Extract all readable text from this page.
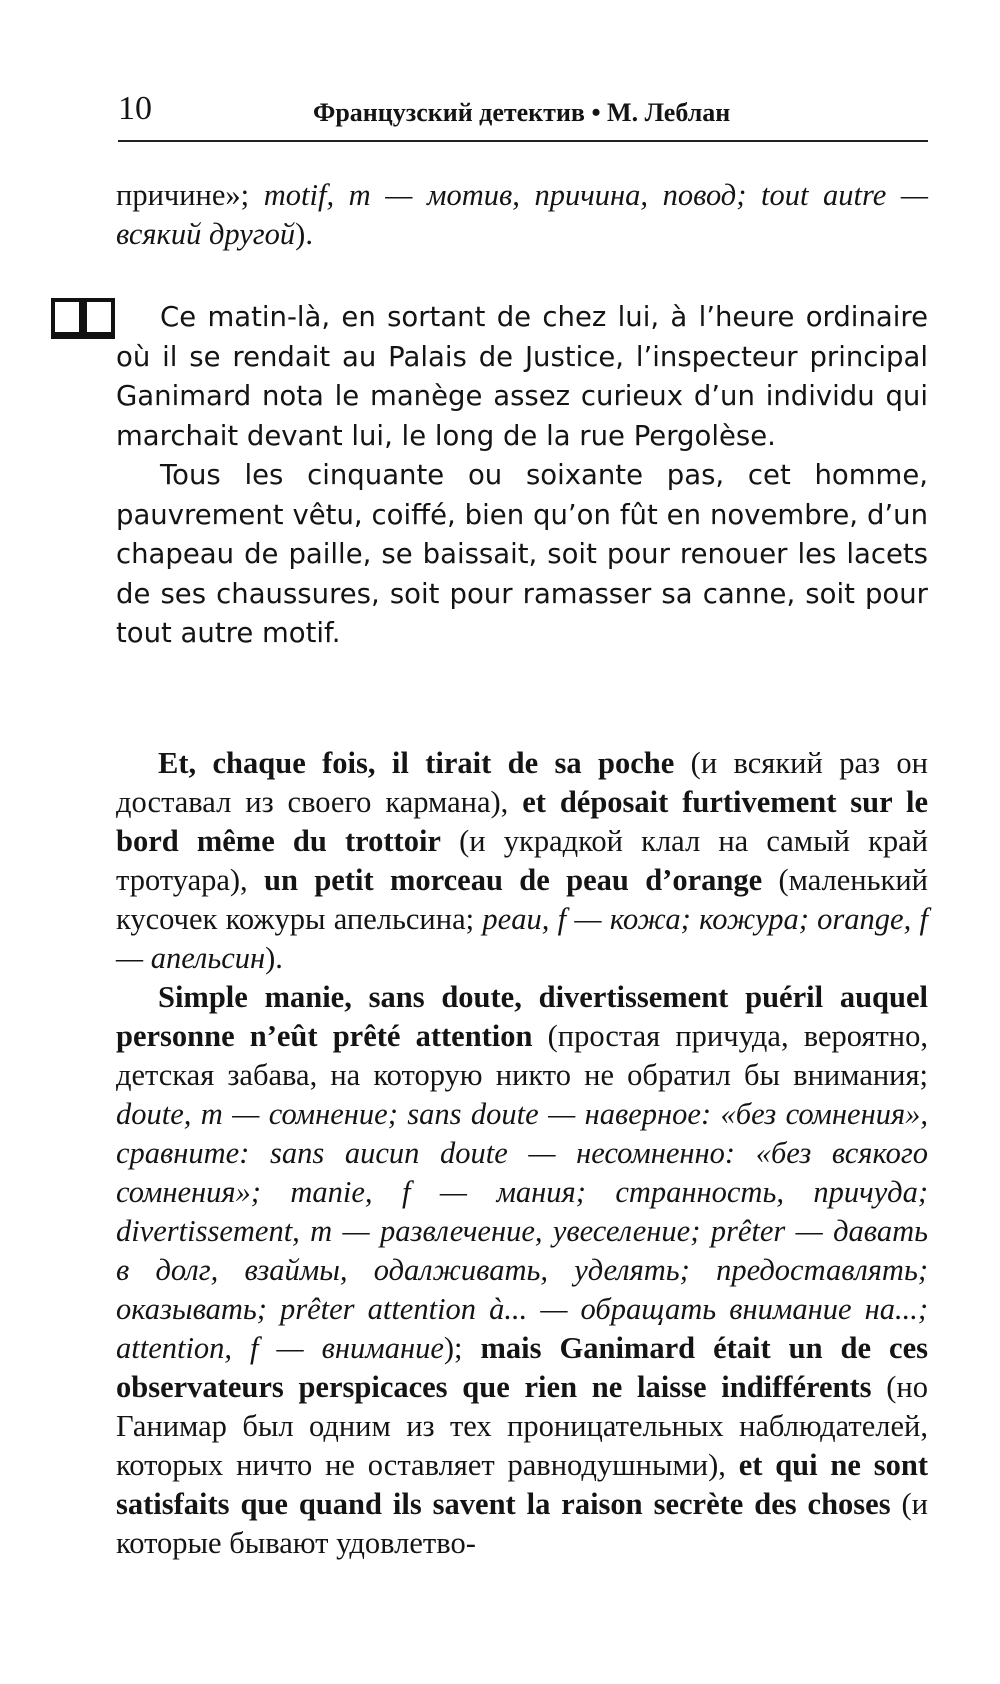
10	Французский детектив • М. Леблан

причине»; motif, m — мотив, причина, повод; tout autre — всякий другой).

Ce matin-là, en sortant de chez lui, à l’heure ordinaire où il se rendait au Palais de Justice, l’inspecteur principal Ganimard nota le manège assez curieux d’un individu qui marchait devant lui, le long de la rue Pergolèse.

Tous les cinquante ou soixante pas, cet homme, pauvrement vêtu, coiffé, bien qu’on fût en novembre, d’un chapeau de paille, se baissait, soit pour renouer les lacets de ses chaussures, soit pour ramasser sa canne, soit pour tout autre motif.

Et, chaque fois, il tirait de sa poche (и всякий раз он доставал из своего кармана), et déposait furtivement sur le bord même du trottoir (и украдкой клал на самый край тротуара), un petit morceau de peau d’orange (маленький кусочек кожуры апельсина; peau, f — кожа; кожура; orange, f — апельсин).

Simple manie, sans doute, divertissement puéril auquel personne n’eût prêté attention (простая причуда, вероятно, детская забава, на которую никто не обратил бы внимания; doute, m — сомнение; sans doute — наверное: «без сомнения», сравните: sans aucun doute — несомненно: «без всякого сомнения»; manie, f — мания; странность, причуда; divertissement, m — развлечение, увеселение; prêter — давать в долг, взаймы, одалживать, уделять; предоставлять; оказывать; prêter attention à... — обращать внимание на...; attention, f — внимание); mais Ganimard était un de ces observateurs perspicaces que rien ne laisse indifférents (но Ганимар был одним из тех проницательных наблюдателей, которых ничто не оставляет равнодушными), et qui ne sont satisfaits que quand ils savent la raison secrète des choses (и которые бывают удовлетво-
